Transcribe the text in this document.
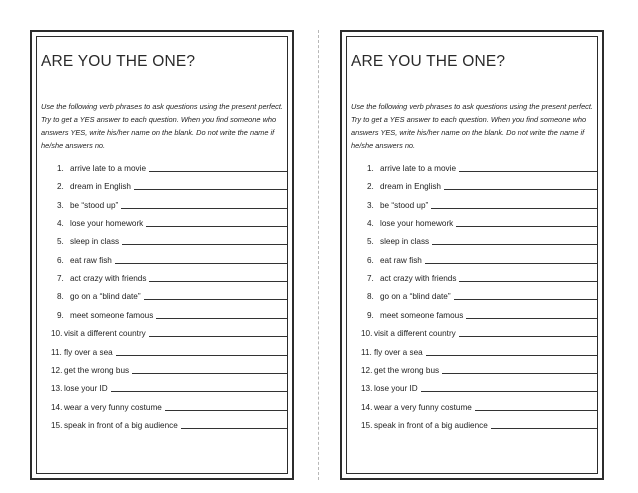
ARE YOU THE ONE?
Use the following verb phrases to ask questions using the present perfect. Try to get a YES answer to each question. When you find someone who answers YES, write his/her name on the blank. Do not write the name if he/she answers no.
1. arrive late to a movie
2. dream in English
3. be “stood up”
4. lose your homework
5. sleep in class
6. eat raw fish
7. act crazy with friends
8. go on a “blind date”
9. meet someone famous
10. visit a different country
11. fly over a sea
12. get the wrong bus
13. lose your ID
14. wear a very funny costume
15. speak in front of a big audience
ARE YOU THE ONE?
Use the following verb phrases to ask questions using the present perfect. Try to get a YES answer to each question. When you find someone who answers YES, write his/her name on the blank. Do not write the name if he/she answers no.
1. arrive late to a movie
2. dream in English
3. be “stood up”
4. lose your homework
5. sleep in class
6. eat raw fish
7. act crazy with friends
8. go on a “blind date”
9. meet someone famous
10. visit a different country
11. fly over a sea
12. get the wrong bus
13. lose your ID
14. wear a very funny costume
15. speak in front of a big audience
